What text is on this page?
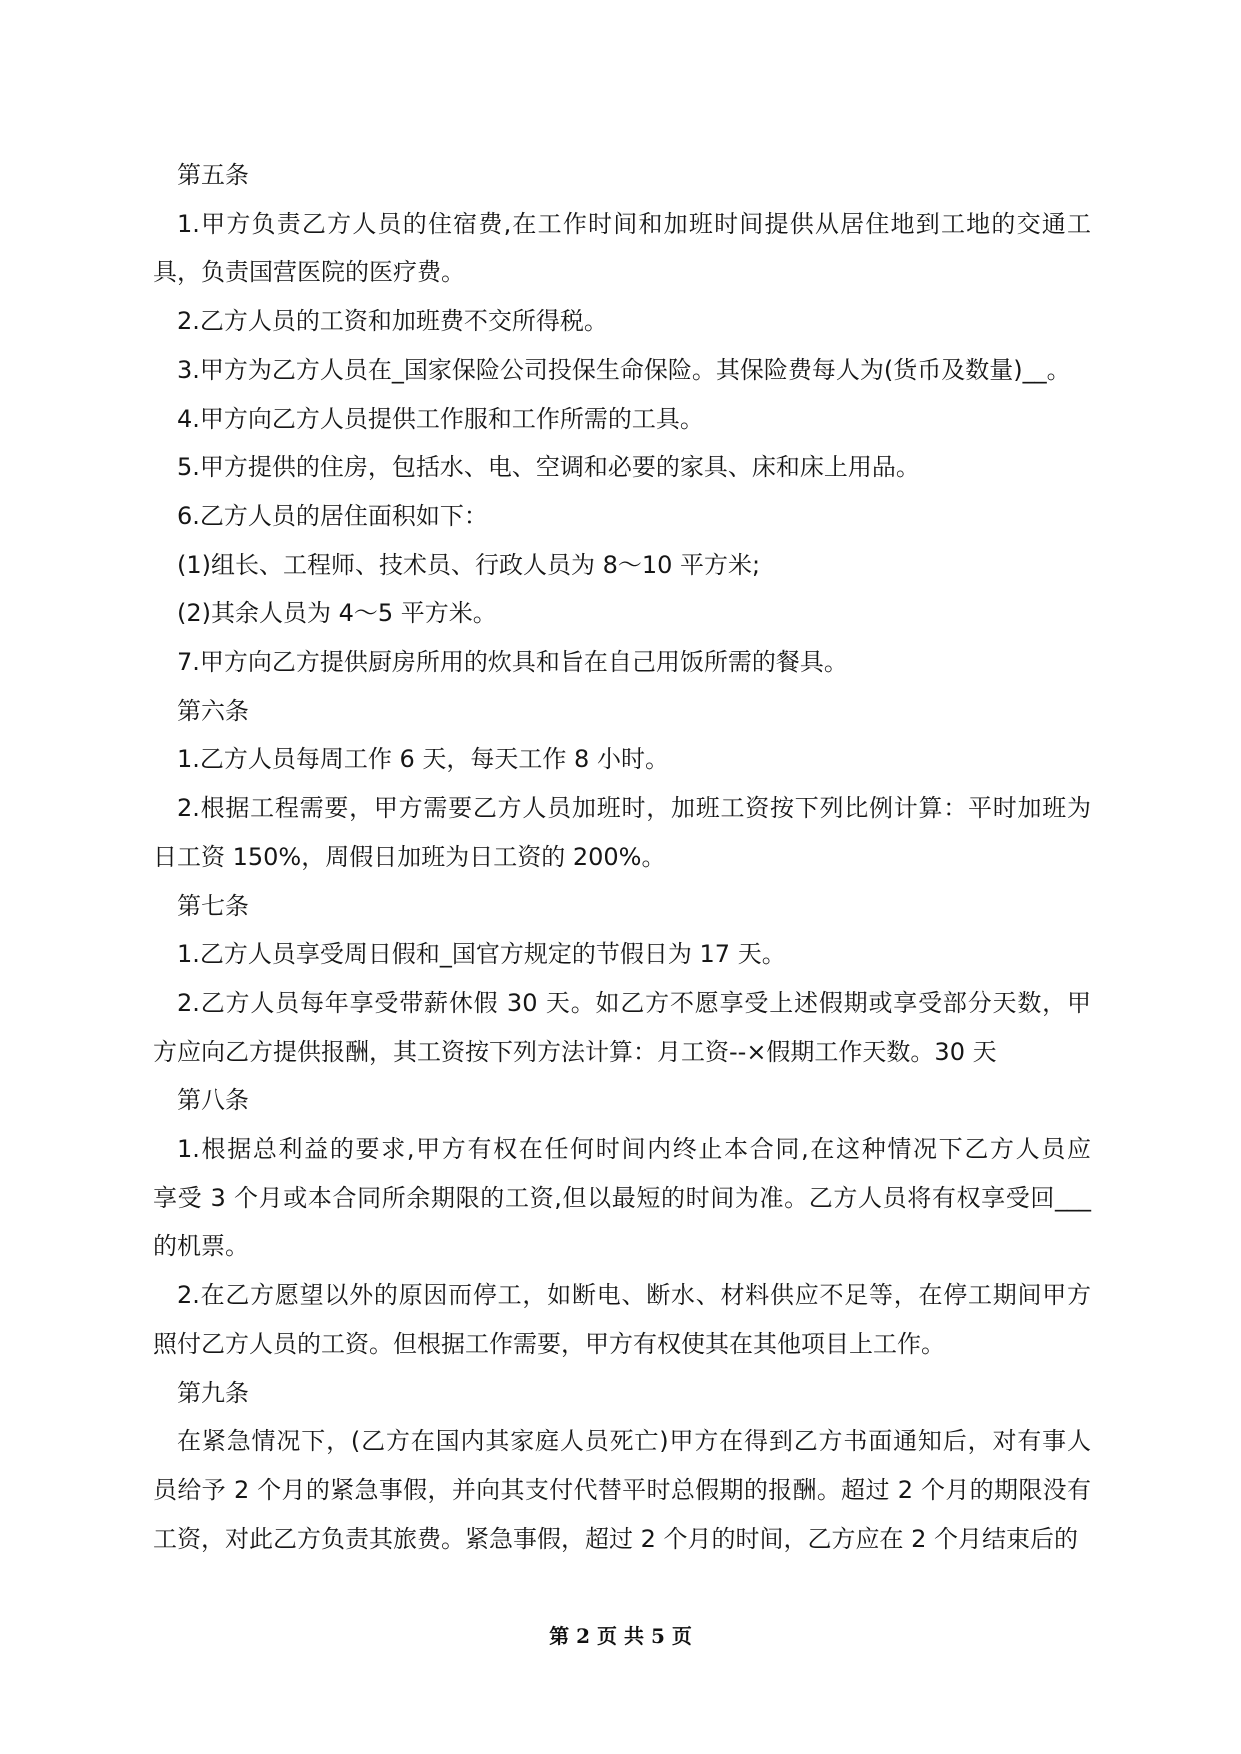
第五条
1.甲方负责乙方人员的住宿费,在工作时间和加班时间提供从居住地到工地的交通工
具，负责国营医院的医疗费。
2.乙方人员的工资和加班费不交所得税。
3.甲方为乙方人员在_国家保险公司投保生命保险。其保险费每人为(货币及数量)__。
4.甲方向乙方人员提供工作服和工作所需的工具。
5.甲方提供的住房，包括水、电、空调和必要的家具、床和床上用品。
6.乙方人员的居住面积如下：
(1)组长、工程师、技术员、行政人员为 8～10 平方米;
(2)其余人员为 4～5 平方米。
7.甲方向乙方提供厨房所用的炊具和旨在自己用饭所需的餐具。
第六条
1.乙方人员每周工作 6 天，每天工作 8 小时。
2.根据工程需要，甲方需要乙方人员加班时，加班工资按下列比例计算：平时加班为
日工资 150%，周假日加班为日工资的 200%。
第七条
1.乙方人员享受周日假和_国官方规定的节假日为 17 天。
2.乙方人员每年享受带薪休假 30 天。如乙方不愿享受上述假期或享受部分天数，甲
方应向乙方提供报酬，其工资按下列方法计算：月工资--×假期工作天数。30 天
第八条
1.根据总利益的要求,甲方有权在任何时间内终止本合同,在这种情况下乙方人员应
享受 3 个月或本合同所余期限的工资,但以最短的时间为准。乙方人员将有权享受回___
的机票。
2.在乙方愿望以外的原因而停工，如断电、断水、材料供应不足等，在停工期间甲方
照付乙方人员的工资。但根据工作需要，甲方有权使其在其他项目上工作。
第九条
在紧急情况下，(乙方在国内其家庭人员死亡)甲方在得到乙方书面通知后，对有事人
员给予 2 个月的紧急事假，并向其支付代替平时总假期的报酬。超过 2 个月的期限没有
工资，对此乙方负责其旅费。紧急事假，超过 2 个月的时间，乙方应在 2 个月结束后的
第 2 页 共 5 页
